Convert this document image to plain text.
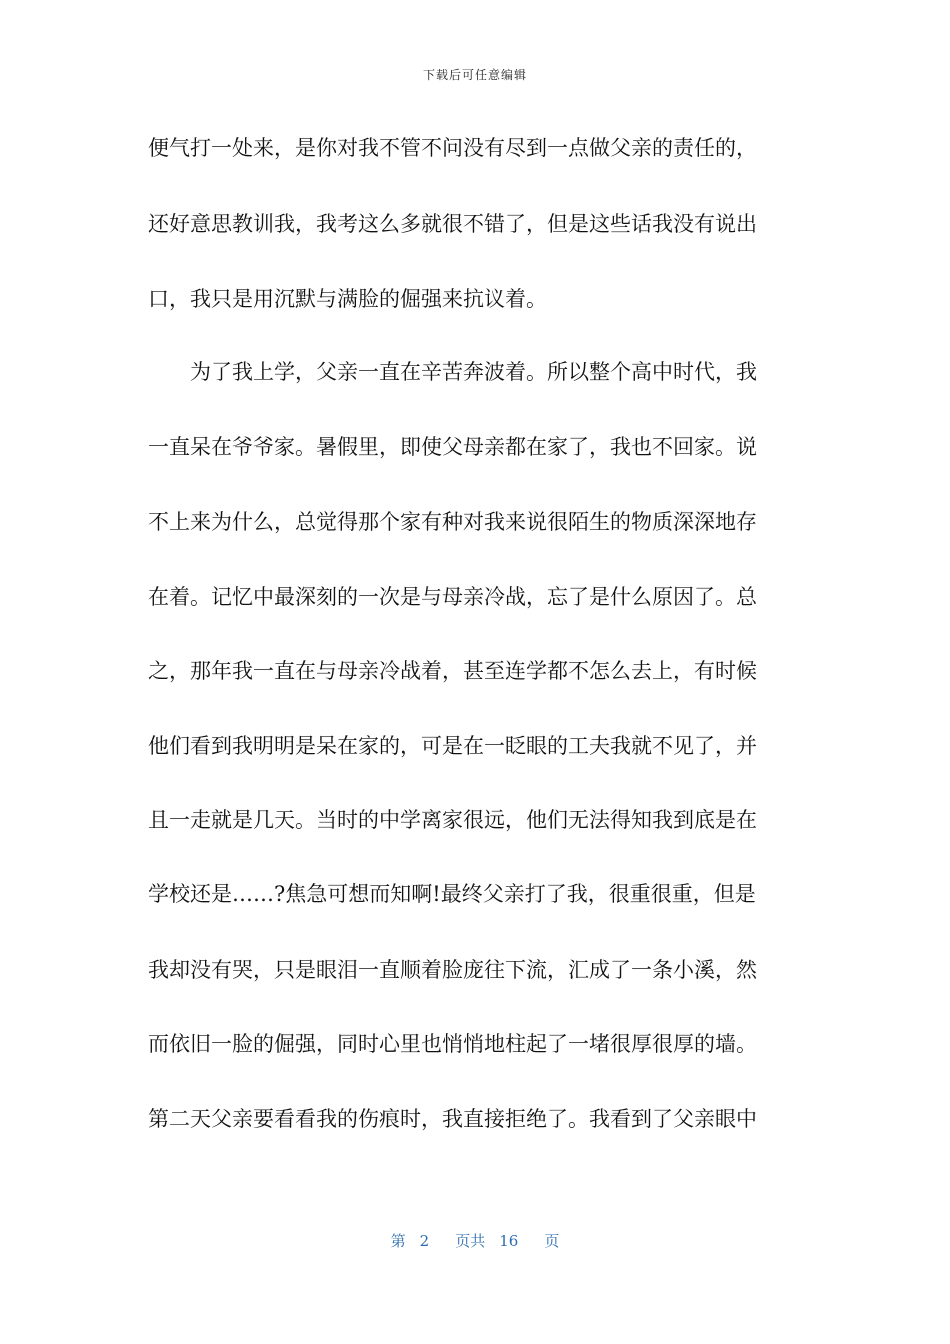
下载后可任意编辑
便气打一处来，是你对我不管不问没有尽到一点做父亲的责任的，
还好意思教训我，我考这么多就很不错了，但是这些话我没有说出
口，我只是用沉默与满脸的倔强来抗议着。
　　为了我上学，父亲一直在辛苦奔波着。所以整个高中时代，我
一直呆在爷爷家。暑假里，即使父母亲都在家了，我也不回家。说
不上来为什么，总觉得那个家有种对我来说很陌生的物质深深地存
在着。记忆中最深刻的一次是与母亲冷战，忘了是什么原因了。总
之，那年我一直在与母亲冷战着，甚至连学都不怎么去上，有时候
他们看到我明明是呆在家的，可是在一眨眼的工夫我就不见了，并
且一走就是几天。当时的中学离家很远，他们无法得知我到底是在
学校还是……?焦急可想而知啊!最终父亲打了我，很重很重，但是
我却没有哭，只是眼泪一直顺着脸庞往下流，汇成了一条小溪，然
而依旧一脸的倔强，同时心里也悄悄地柱起了一堵很厚很厚的墙。
第二天父亲要看看我的伤痕时，我直接拒绝了。我看到了父亲眼中
第 2 页共 16 页
